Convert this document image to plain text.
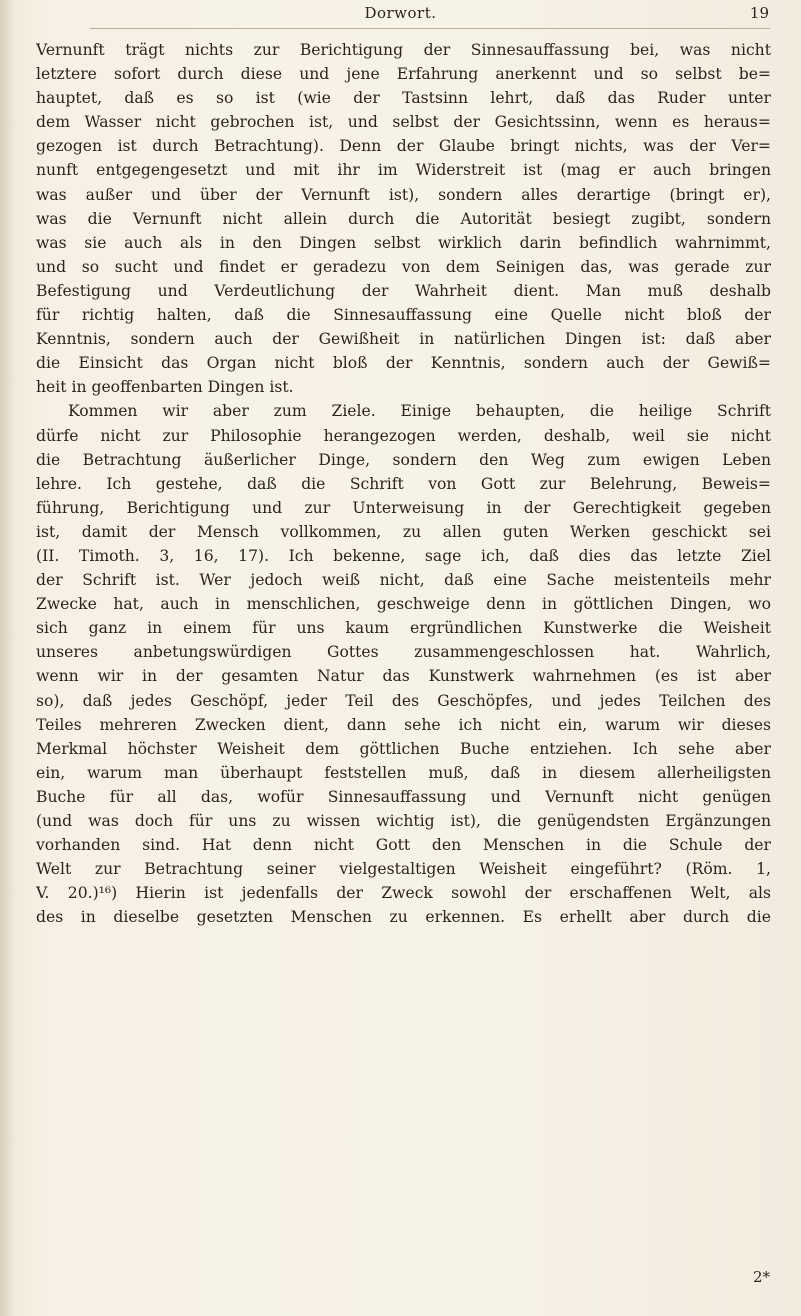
Dorwort.	19
Vernunft trägt nichts zur Berichtigung der Sinnesauffassung bei, was nicht
letztere sofort durch diese und jene Erfahrung anerkennt und so selbst be=
hauptet, daß es so ist (wie der Tastsinn lehrt, daß das Ruder unter
dem Wasser nicht gebrochen ist, und selbst der Gesichtssinn, wenn es heraus=
gezogen ist durch Betrachtung). Denn der Glaube bringt nichts, was der Ver=
nunft entgegengesetzt und mit ihr im Widerstreit ist (mag er auch bringen
was außer und über der Vernunft ist), sondern alles derartige (bringt er),
was die Vernunft nicht allein durch die Autorität besiegt zugibt, sondern
was sie auch als in den Dingen selbst wirklich darin befindlich wahrnimmt,
und so sucht und findet er geradezu von dem Seinigen das, was gerade zur
Befestigung und Verdeutlichung der Wahrheit dient. Man muß deshalb
für richtig halten, daß die Sinnesauffassung eine Quelle nicht bloß der
Kenntnis, sondern auch der Gewißheit in natürlichen Dingen ist: daß aber
die Einsicht das Organ nicht bloß der Kenntnis, sondern auch der Gewiß=
heit in geoffenbarten Dingen ist.
Kommen wir aber zum Ziele. Einige behaupten, die heilige Schrift
dürfe nicht zur Philosophie herangezogen werden, deshalb, weil sie nicht
die Betrachtung äußerlicher Dinge, sondern den Weg zum ewigen Leben
lehre. Ich gestehe, daß die Schrift von Gott zur Belehrung, Beweis=
führung, Berichtigung und zur Unterweisung in der Gerechtigkeit gegeben
ist, damit der Mensch vollkommen, zu allen guten Werken geschickt sei
(II. Timoth. 3, 16, 17). Ich bekenne, sage ich, daß dies das letzte Ziel
der Schrift ist. Wer jedoch weiß nicht, daß eine Sache meistenteils mehr
Zwecke hat, auch in menschlichen, geschweige denn in göttlichen Dingen, wo
sich ganz in einem für uns kaum ergründlichen Kunstwerke die Weisheit
unseres anbetungswürdigen Gottes zusammengeschlossen hat. Wahrlich,
wenn wir in der gesamten Natur das Kunstwerk wahrnehmen (es ist aber
so), daß jedes Geschöpf, jeder Teil des Geschöpfes, und jedes Teilchen des
Teiles mehreren Zwecken dient, dann sehe ich nicht ein, warum wir dieses
Merkmal höchster Weisheit dem göttlichen Buche entziehen. Ich sehe aber
ein, warum man überhaupt feststellen muß, daß in diesem allerheiligsten
Buche für all das, wofür Sinnesauffassung und Vernunft nicht genügen
(und was doch für uns zu wissen wichtig ist), die genügendsten Ergänzungen
vorhanden sind. Hat denn nicht Gott den Menschen in die Schule der
Welt zur Betrachtung seiner vielgestaltigen Weisheit eingeführt? (Röm. 1,
V. 20.)¹⁶) Hierin ist jedenfalls der Zweck sowohl der erschaffenen Welt, als
des in dieselbe gesetzten Menschen zu erkennen. Es erhellt aber durch die
2*
